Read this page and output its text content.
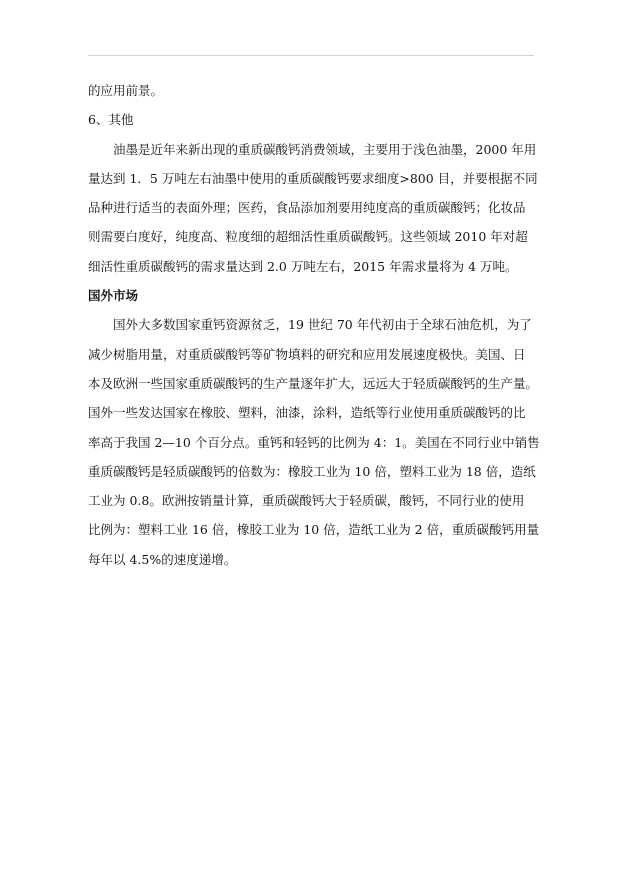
的应用前景。

6、其他

油墨是近年来新出现的重质碳酸钙消费领域，主要用于浅色油墨，2000 年用
量达到 1．5 万吨左右油墨中使用的重质碳酸钙要求细度>800 目，并要根据不同
品种进行适当的表面外理；医药，食品添加剂要用纯度高的重质碳酸钙；化妆品
则需要白度好，纯度高、粒度细的超细活性重质碳酸钙。这些领域 2010 年对超
细活性重质碳酸钙的需求量达到 2.0 万吨左右，2015 年需求量将为 4 万吨。

国外市场

国外大多数国家重钙资源贫乏，19 世纪 70 年代初由于全球石油危机，为了
减少树脂用量，对重质碳酸钙等矿物填料的研究和应用发展速度极快。美国、日
本及欧洲一些国家重质碳酸钙的生产量逐年扩大，远远大于轻质碳酸钙的生产量。
国外一些发达国家在橡胶、塑料，油漆，涂料，造纸等行业使用重质碳酸钙的比
率高于我国 2—10 个百分点。重钙和轻钙的比例为 4：1。美国在不同行业中销售
重质碳酸钙是轻质碳酸钙的倍数为：橡胶工业为 10 倍，塑料工业为 18 倍，造纸
工业为 0.8。欧洲按销量计算，重质碳酸钙大于轻质碳，酸钙，不同行业的使用
比例为：塑料工业 16 倍，橡胶工业为 10 倍，造纸工业为 2 倍，重质碳酸钙用量
每年以 4.5%的速度递增。
